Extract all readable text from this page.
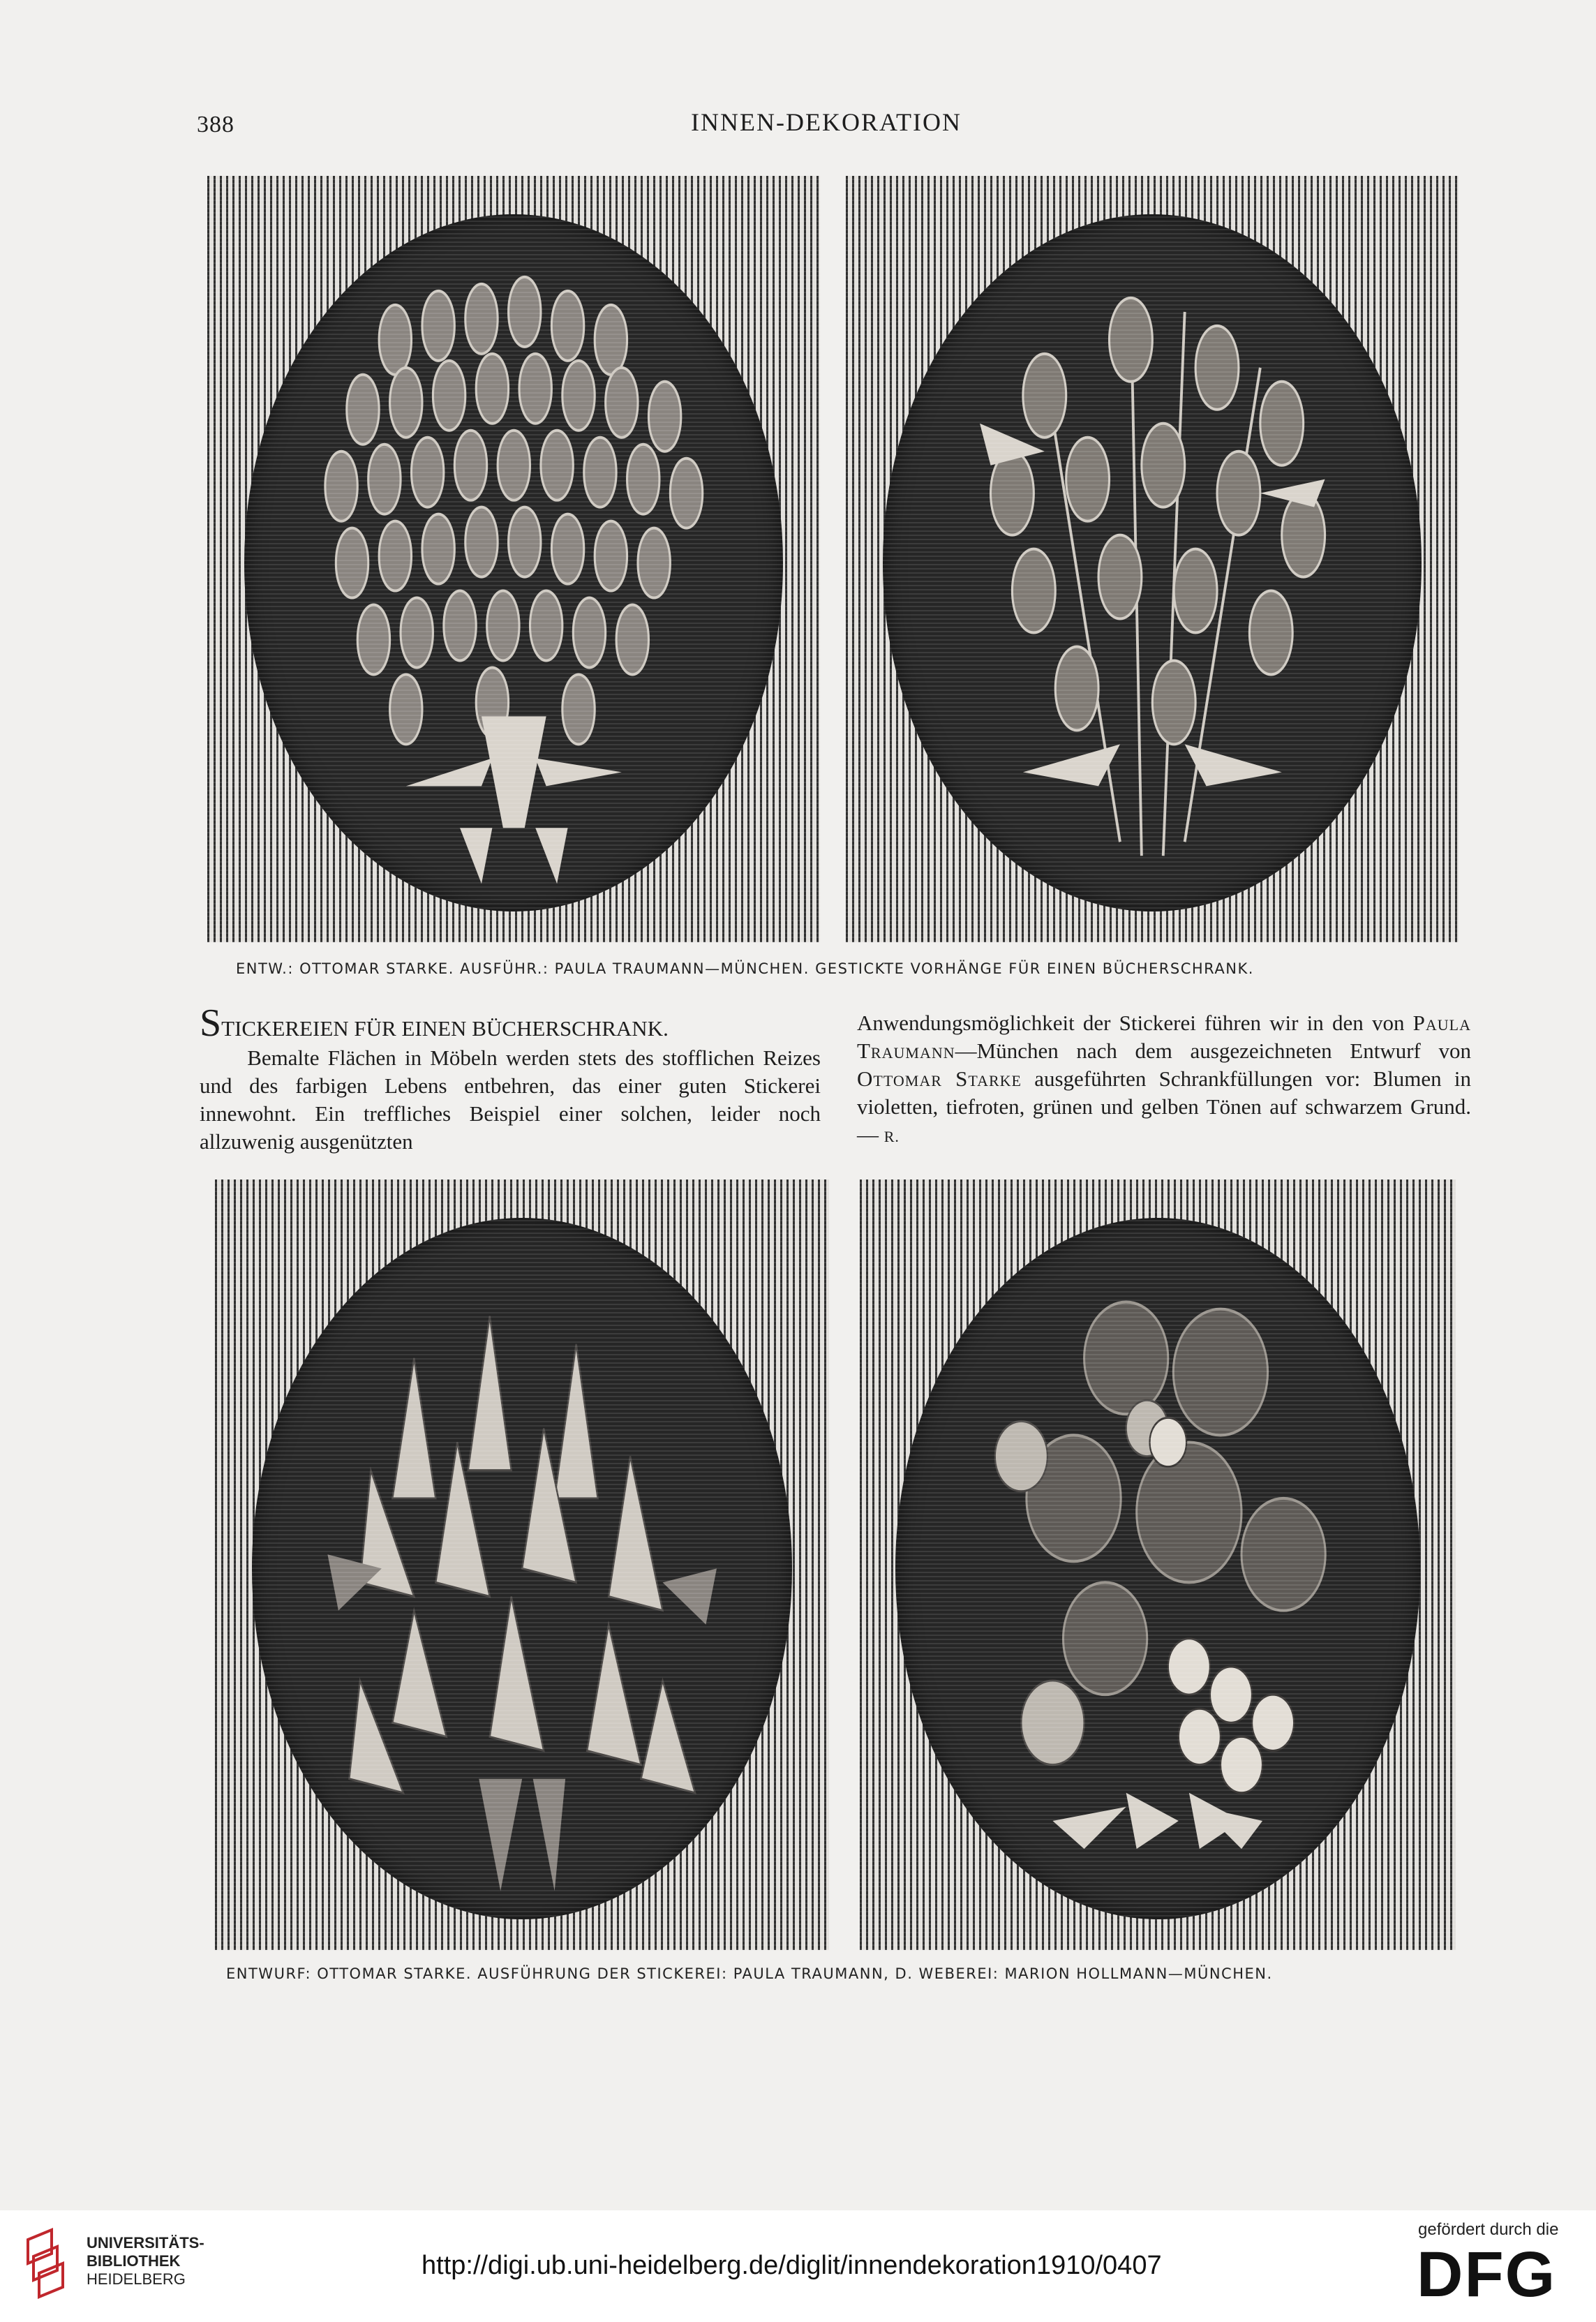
388	INNEN-DEKORATION
ENTW.: OTTOMAR STARKE. AUSFÜHR.: PAULA TRAUMANN—MÜNCHEN. GESTICKTE VORHÄNGE FÜR EINEN BÜCHERSCHRANK.

STICKEREIEN FÜR EINEN BÜCHERSCHRANK.

Bemalte Flächen in Möbeln werden stets des stofflichen Reizes und des farbigen Lebens entbehren, das einer guten Stickerei innewohnt. Ein treffliches Beispiel einer solchen, leider noch allzuwenig ausgenützten

Anwendungsmöglichkeit der Stickerei führen wir in den von Paula Traumann—München nach dem ausgezeichneten Entwurf von Ottomar Starke ausgeführten Schrankfüllungen vor: Blumen in violetten, tiefroten, grünen und gelben Tönen auf schwarzem Grund. — R.

ENTWURF: OTTOMAR STARKE. AUSFÜHRUNG DER STICKEREI: PAULA TRAUMANN, D. WEBEREI: MARION HOLLMANN—MÜNCHEN.
UNIVERSITÄTS-
BIBLIOTHEK
HEIDELBERG	http://digi.ub.uni-heidelberg.de/diglit/innendekoration1910/0407
gefördert durch die
DFG
